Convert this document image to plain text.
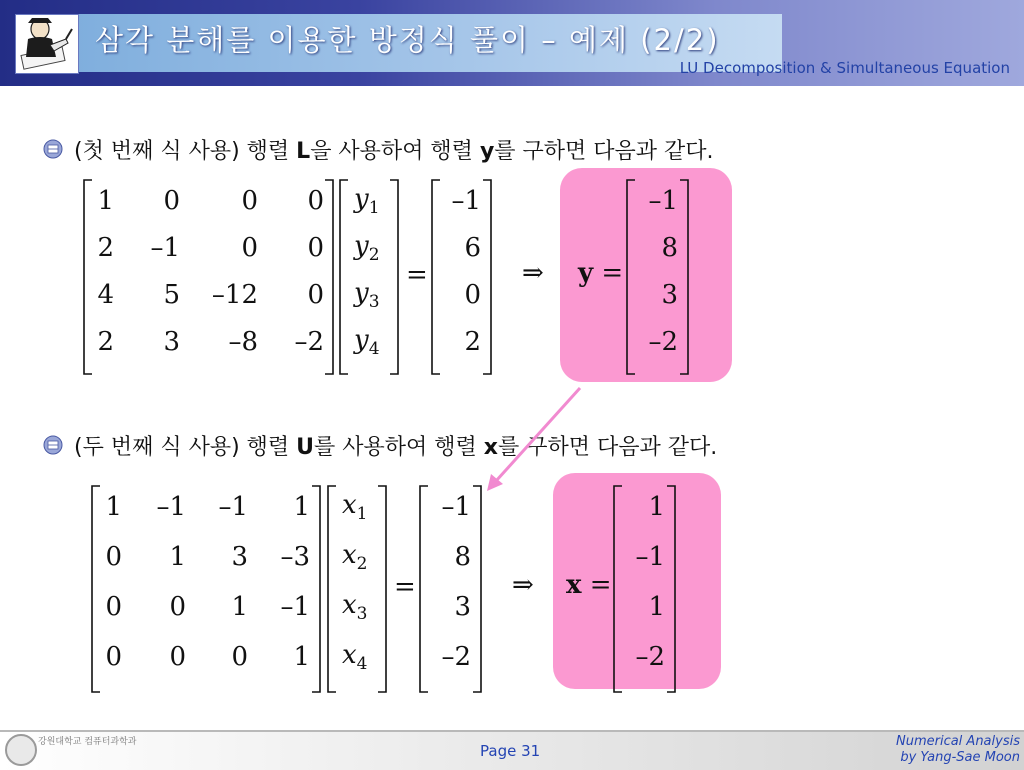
삼각 분해를 이용한 방정식 풀이 – 예제 (2/2)
LU Decomposition & Simultaneous Equation
(첫 번째 식 사용) 행렬 L을 사용하여 행렬 y를 구하면 다음과 같다.
(두 번째 식 사용) 행렬 U를 사용하여 행렬 x를 구하면 다음과 같다.
1	0	0	0
2	–1	0	0
4	5	–12	0
2	3	–8	–2
$y_1$
$y_2$
$y_3$
$y_4$
=
–1
6
0
2
⇒ y =
–1
8
3
–2
1	–1	–1	1
0	1	3	–3
0	0	1	–1
0	0	0	1
$x_1$
$x_2$
$x_3$
$x_4$
=
–1
8
3
–2
⇒ x =
1
–1
1
–2
강원대학교 컴퓨터과학과	Page 31
Numerical Analysis
by Yang-Sae Moon
